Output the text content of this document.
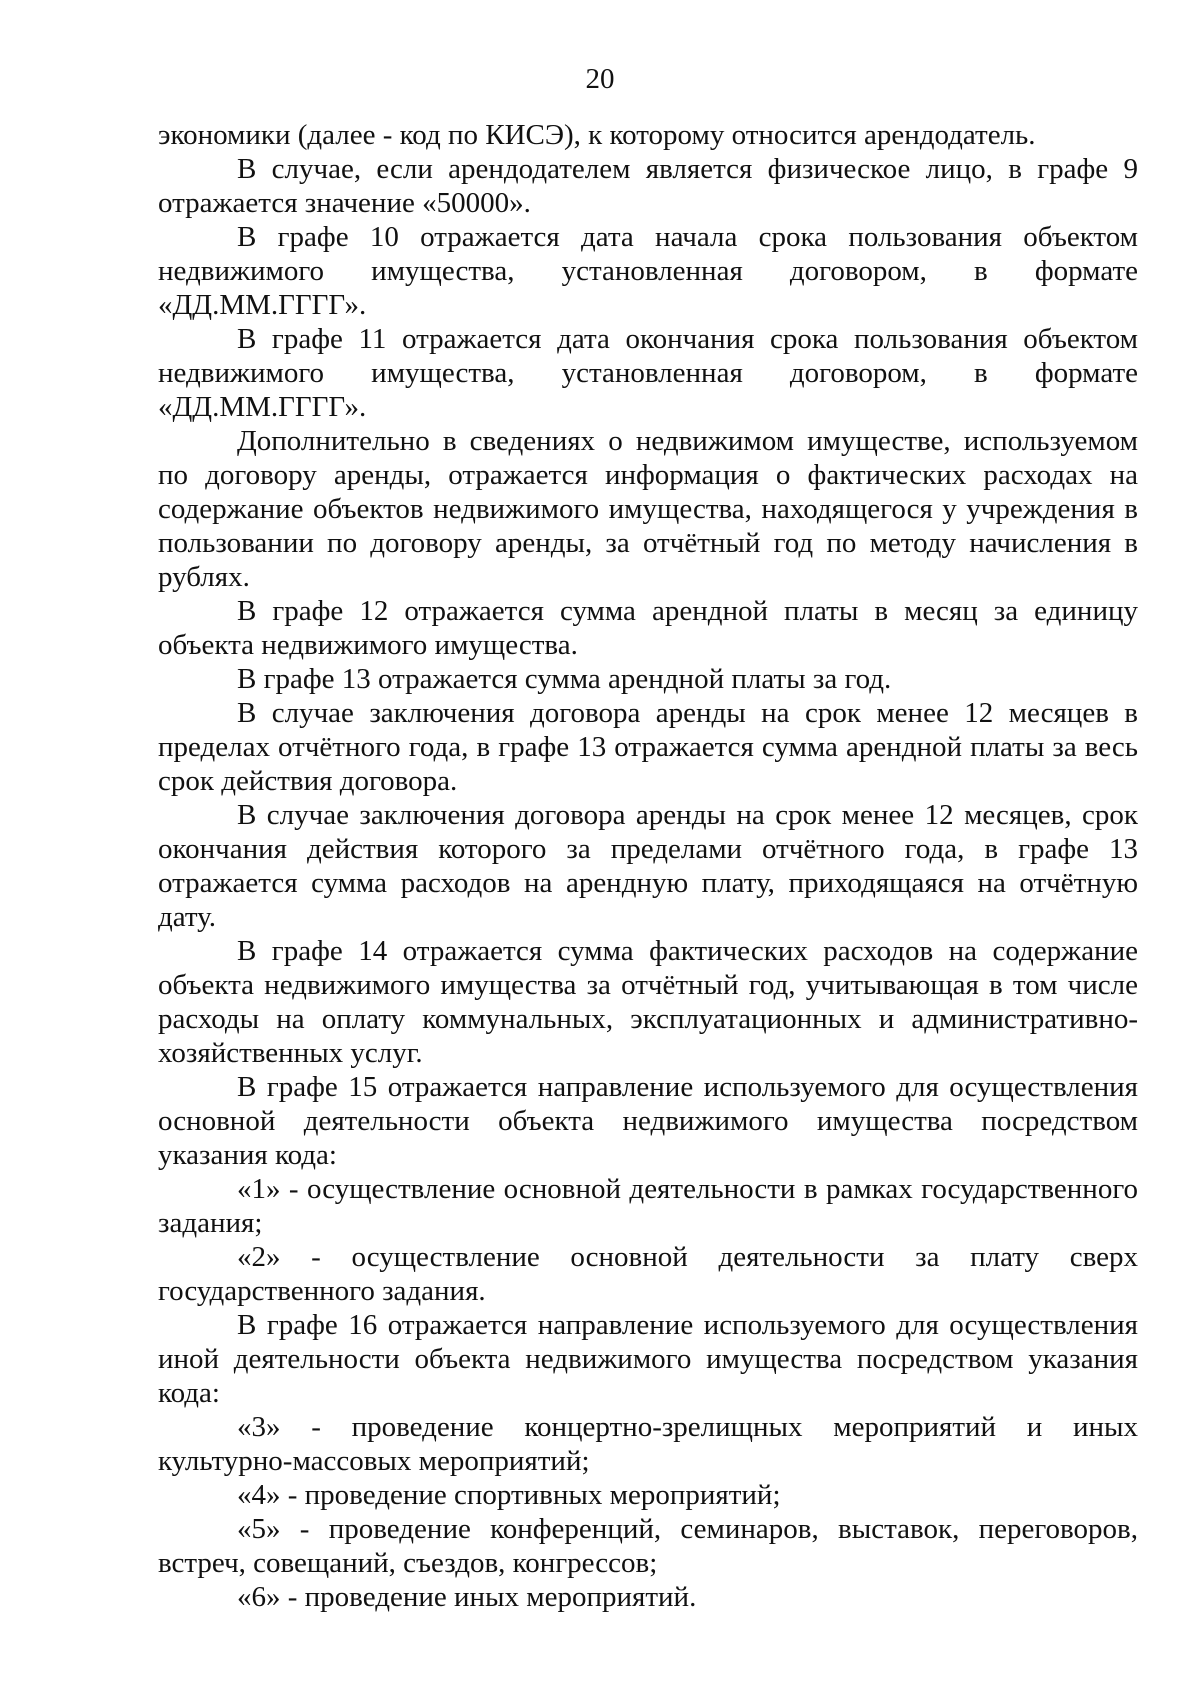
20

экономики (далее - код по КИСЭ), к которому относится арендодатель.

В случае, если арендодателем является физическое лицо, в графе 9 отражается значение «50000».

В графе 10 отражается дата начала срока пользования объектом недвижимого имущества, установленная договором, в формате «ДД.ММ.ГГГГ».

В графе 11 отражается дата окончания срока пользования объектом недвижимого имущества, установленная договором, в формате «ДД.ММ.ГГГГ».

Дополнительно в сведениях о недвижимом имуществе, используемом по договору аренды, отражается информация о фактических расходах на содержание объектов недвижимого имущества, находящегося у учреждения в пользовании по договору аренды, за отчётный год по методу начисления в рублях.

В графе 12 отражается сумма арендной платы в месяц за единицу объекта недвижимого имущества.

В графе 13 отражается сумма арендной платы за год.

В случае заключения договора аренды на срок менее 12 месяцев в пределах отчётного года, в графе 13 отражается сумма арендной платы за весь срок действия договора.

В случае заключения договора аренды на срок менее 12 месяцев, срок окончания действия которого за пределами отчётного года, в графе 13 отражается сумма расходов на арендную плату, приходящаяся на отчётную дату.

В графе 14 отражается сумма фактических расходов на содержание объекта недвижимого имущества за отчётный год, учитывающая в том числе расходы на оплату коммунальных, эксплуатационных и административно-хозяйственных услуг.

В графе 15 отражается направление используемого для осуществления основной деятельности объекта недвижимого имущества посредством указания кода:

«1» - осуществление основной деятельности в рамках государственного задания;

«2» - осуществление основной деятельности за плату сверх государственного задания.

В графе 16 отражается направление используемого для осуществления иной деятельности объекта недвижимого имущества посредством указания кода:

«3» - проведение концертно-зрелищных мероприятий и иных культурно-массовых мероприятий;

«4» - проведение спортивных мероприятий;

«5» - проведение конференций, семинаров, выставок, переговоров, встреч, совещаний, съездов, конгрессов;

«6» - проведение иных мероприятий.
